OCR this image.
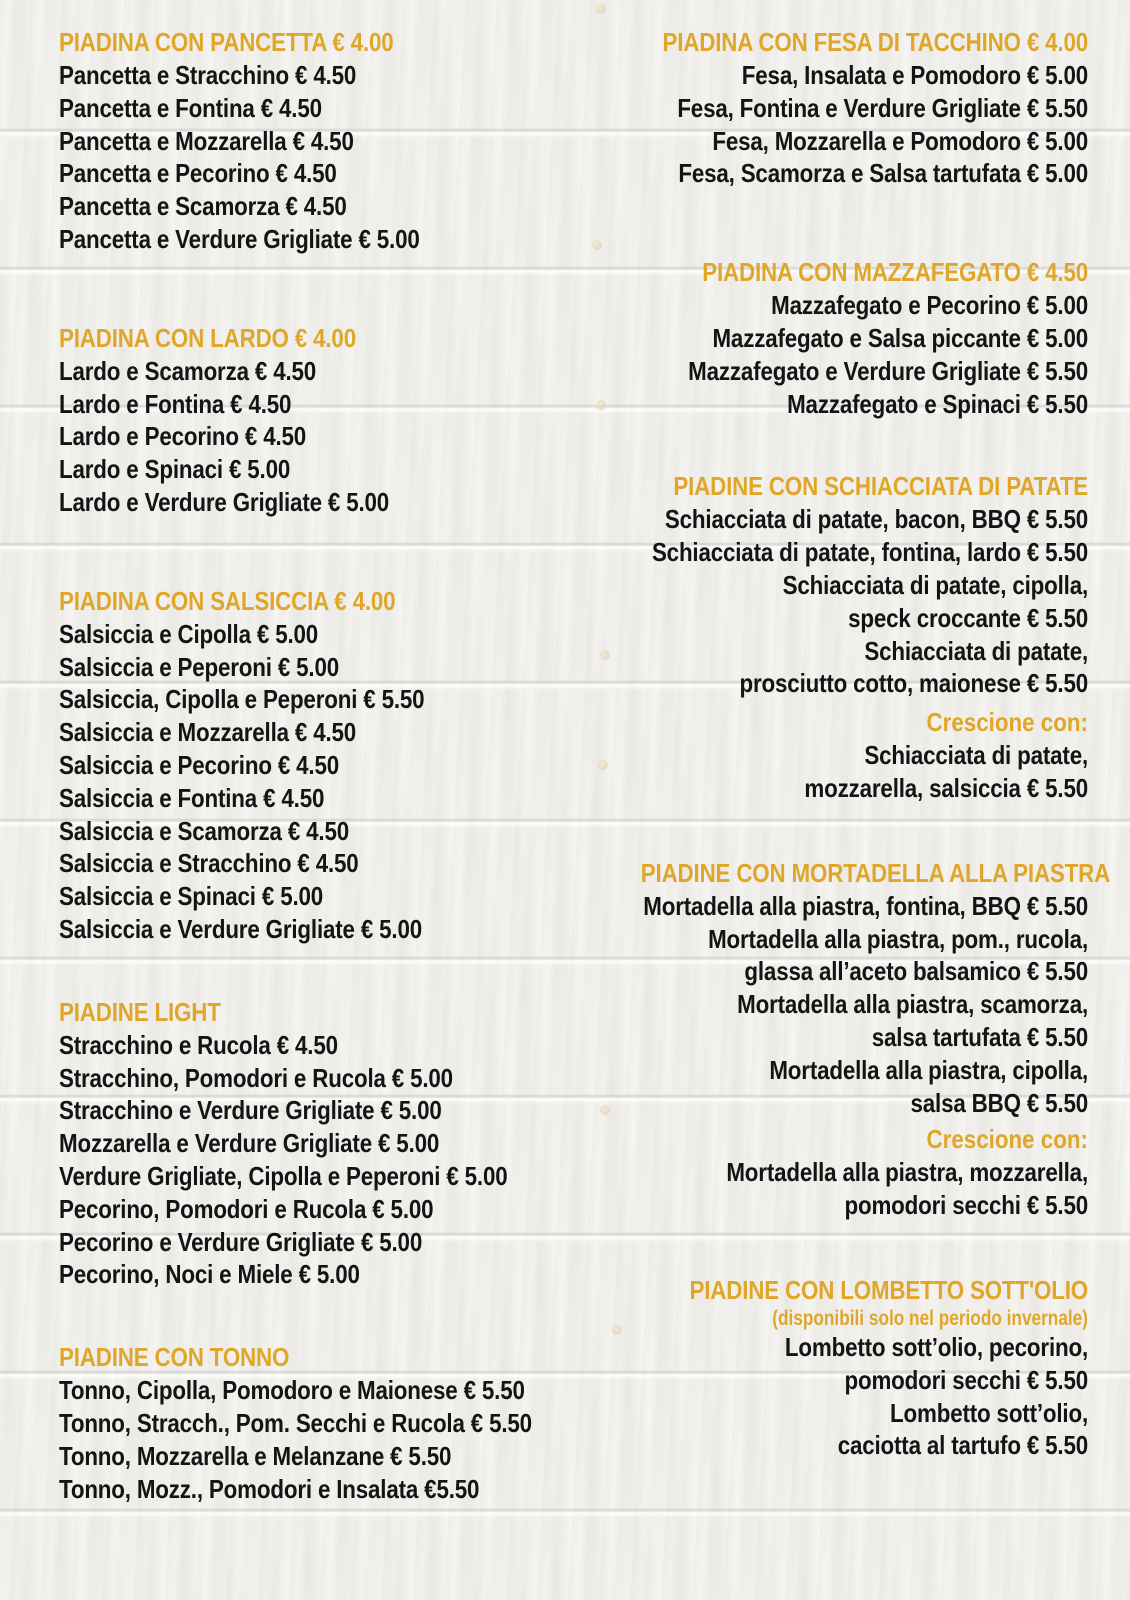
PIADINA CON PANCETTA € 4.00
Pancetta e Stracchino € 4.50
Pancetta e Fontina € 4.50
Pancetta e Mozzarella € 4.50
Pancetta e Pecorino € 4.50
Pancetta e Scamorza € 4.50
Pancetta e Verdure Grigliate € 5.00
PIADINA CON LARDO € 4.00
Lardo e Scamorza € 4.50
Lardo e Fontina € 4.50
Lardo e Pecorino € 4.50
Lardo e Spinaci € 5.00
Lardo e Verdure Grigliate € 5.00
PIADINA CON SALSICCIA € 4.00
Salsiccia e Cipolla € 5.00
Salsiccia e Peperoni € 5.00
Salsiccia, Cipolla e Peperoni € 5.50
Salsiccia e Mozzarella € 4.50
Salsiccia e Pecorino € 4.50
Salsiccia e Fontina € 4.50
Salsiccia e Scamorza € 4.50
Salsiccia e Stracchino € 4.50
Salsiccia e Spinaci € 5.00
Salsiccia e Verdure Grigliate € 5.00
PIADINE LIGHT
Stracchino e Rucola € 4.50
Stracchino, Pomodori e Rucola € 5.00
Stracchino e Verdure Grigliate € 5.00
Mozzarella e Verdure Grigliate € 5.00
Verdure Grigliate, Cipolla e Peperoni € 5.00
Pecorino, Pomodori e Rucola € 5.00
Pecorino e Verdure Grigliate € 5.00
Pecorino, Noci e Miele € 5.00
PIADINE CON TONNO
Tonno, Cipolla, Pomodoro e Maionese € 5.50
Tonno, Stracch., Pom. Secchi e Rucola € 5.50
Tonno, Mozzarella e Melanzane € 5.50
Tonno, Mozz., Pomodori e Insalata €5.50
PIADINA CON FESA DI TACCHINO € 4.00
Fesa, Insalata e Pomodoro € 5.00
Fesa, Fontina e Verdure Grigliate € 5.50
Fesa, Mozzarella e Pomodoro € 5.00
Fesa, Scamorza e Salsa tartufata € 5.00
PIADINA CON MAZZAFEGATO € 4.50
Mazzafegato e Pecorino € 5.00
Mazzafegato e Salsa piccante € 5.00
Mazzafegato e Verdure Grigliate € 5.50
Mazzafegato e Spinaci € 5.50
PIADINE CON SCHIACCIATA DI PATATE
Schiacciata di patate, bacon, BBQ € 5.50
Schiacciata di patate, fontina, lardo € 5.50
Schiacciata di patate, cipolla,
speck croccante € 5.50
Schiacciata di patate,
prosciutto cotto, maionese € 5.50
Crescione con:
Schiacciata di patate,
mozzarella, salsiccia € 5.50
PIADINE CON MORTADELLA ALLA PIASTRA
Mortadella alla piastra, fontina, BBQ € 5.50
Mortadella alla piastra, pom., rucola,
glassa all’aceto balsamico € 5.50
Mortadella alla piastra, scamorza,
salsa tartufata € 5.50
Mortadella alla piastra, cipolla,
salsa BBQ € 5.50
Crescione con:
Mortadella alla piastra, mozzarella,
pomodori secchi € 5.50
PIADINE CON LOMBETTO SOTT'OLIO
(disponibili solo nel periodo invernale)
Lombetto sott’olio, pecorino,
pomodori secchi € 5.50
Lombetto sott’olio,
caciotta al tartufo € 5.50
